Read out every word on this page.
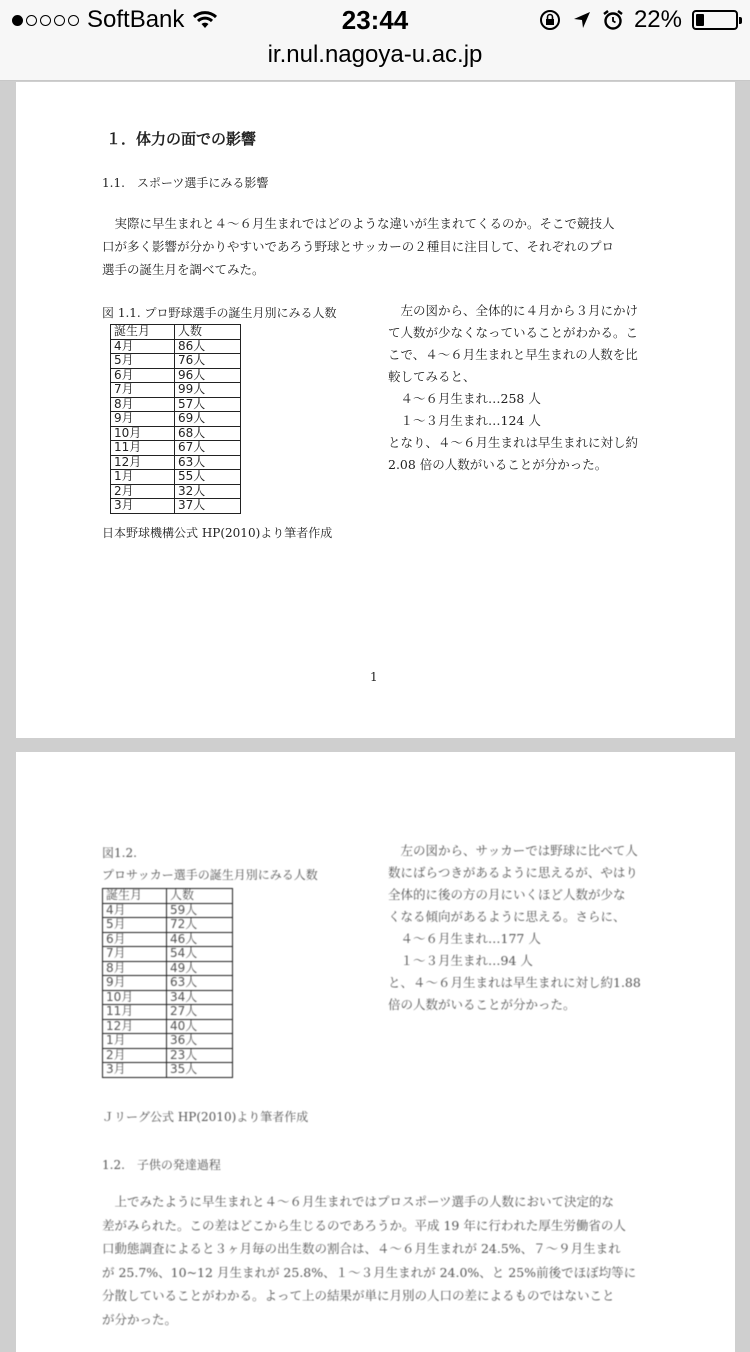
SoftBank	23:44	22%
ir.nul.nagoya-u.ac.jp
１．体力の面での影響
1.1.　スポーツ選手にみる影響
　実際に早生まれと４～６月生まれではどのような違いが生まれてくるのか。そこで競技人
口が多く影響が分かりやすいであろう野球とサッカーの２種目に注目して、それぞれのプロ
選手の誕生月を調べてみた。
図 1.1. プロ野球選手の誕生月別にみる人数
誕生月	人数
4月	86人
5月	76人
6月	96人
7月	99人
8月	57人
9月	69人
10月	68人
11月	67人
12月	63人
1月	55人
2月	32人
3月	37人
日本野球機構公式 HP(2010)より筆者作成
　左の図から、全体的に４月から３月にかけ
て人数が少なくなっていることがわかる。こ
こで、４～６月生まれと早生まれの人数を比
較してみると、
　４～６月生まれ…258 人
　１～３月生まれ…124 人
となり、４～６月生まれは早生まれに対し約
2.08 倍の人数がいることが分かった。
1
図1.2.
プロサッカー選手の誕生月別にみる人数
誕生月	人数
4月	59人
5月	72人
6月	46人
7月	54人
8月	49人
9月	63人
10月	34人
11月	27人
12月	40人
1月	36人
2月	23人
3月	35人
Ｊリーグ公式 HP(2010)より筆者作成
　左の図から、サッカーでは野球に比べて人
数にばらつきがあるように思えるが、やはり
全体的に後の方の月にいくほど人数が少な
くなる傾向があるように思える。さらに、
　４～６月生まれ…177 人
　１～３月生まれ…94 人
と、４～６月生まれは早生まれに対し約1.88
倍の人数がいることが分かった。
1.2.　子供の発達過程
　上でみたように早生まれと４～６月生まれではプロスポーツ選手の人数において決定的な
差がみられた。この差はどこから生じるのであろうか。平成 19 年に行われた厚生労働省の人
口動態調査によると３ヶ月毎の出生数の割合は、４～６月生まれが 24.5%、７～９月生まれ
が 25.7%、10~12 月生まれが 25.8%、１～３月生まれが 24.0%、と 25%前後でほぼ均等に
分散していることがわかる。よって上の結果が単に月別の人口の差によるものではないこと
が分かった。
